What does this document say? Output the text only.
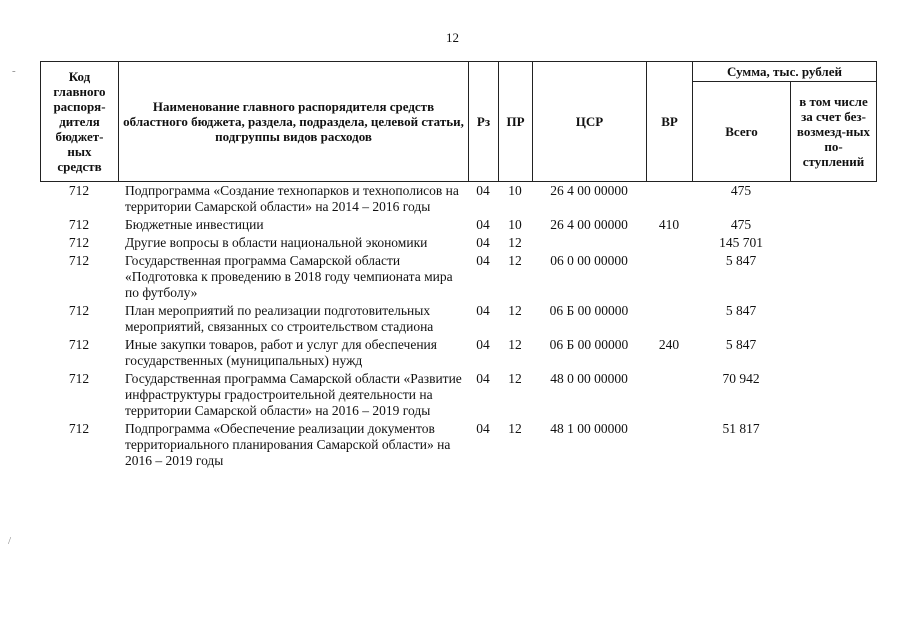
12
Код главного распоря-дителя бюджет-ных средств	Наименование главного распорядителя средств областного бюджета, раздела, подраздела, целевой статьи, подгруппы видов расходов	Рз	ПР	ЦСР	ВР	Сумма, тыс. рублей	
						Всего	в том числе за счет без-возмезд-ных по-ступлений
712	Подпрограмма «Создание технопарков и технополисов на территории Самарской области» на 2014 – 2016 годы	04	10	26 4 00 00000		475	
712	Бюджетные инвестиции	04	10	26 4 00 00000	410	475	
712	Другие вопросы в области национальной экономики	04	12			145 701	
712	Государственная программа Самарской области «Подготовка к проведению в 2018 году чемпионата мира по футболу»	04	12	06 0 00 00000		5 847	
712	План мероприятий по реализации подготовительных мероприятий, связанных со строительством стадиона	04	12	06 Б 00 00000		5 847	
712	Иные закупки товаров, работ и услуг для обеспечения государственных (муниципальных) нужд	04	12	06 Б 00 00000	240	5 847	
712	Государственная программа Самарской области «Развитие инфраструктуры градостроительной деятельности на территории Самарской области» на 2016 – 2019 годы	04	12	48 0 00 00000		70 942	
712	Подпрограмма «Обеспечение реализации документов территориального планирования Самарской области» на 2016 – 2019 годы	04	12	48 1 00 00000		51 817	
-
/
